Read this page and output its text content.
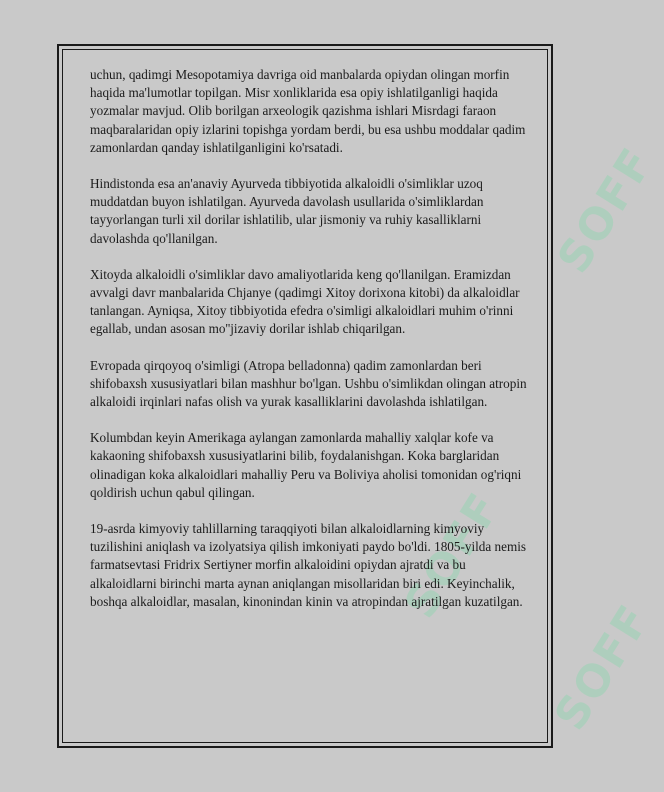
SOFF
SOFF
SOFF

uchun, qadimgi Mesopotamiya davriga oid manbalarda opiydan olingan morfin haqida ma'lumotlar topilgan. Misr xonliklarida esa opiy ishlatilganligi haqida yozmalar mavjud. Olib borilgan arxeologik qazishma ishlari Misrdagi faraon maqbaralaridan opiy izlarini topishga yordam berdi, bu esa ushbu moddalar qadim zamonlardan qanday ishlatilganligini ko'rsatadi.

Hindistonda esa an'anaviy Ayurveda tibbiyotida alkaloidli o'simliklar uzoq muddatdan buyon ishlatilgan. Ayurveda davolash usullarida o'simliklardan tayyorlangan turli xil dorilar ishlatilib, ular jismoniy va ruhiy kasalliklarni davolashda qo'llanilgan.

Xitoyda alkaloidli o'simliklar davo amaliyotlarida keng qo'llanilgan. Eramizdan avvalgi davr manbalarida Chjanye (qadimgi Xitoy dorixona kitobi) da alkaloidlar tanlangan. Ayniqsa, Xitoy tibbiyotida efedra o'simligi alkaloidlari muhim o'rinni egallab, undan asosan mo''jizaviy dorilar ishlab chiqarilgan.

Evropada qirqoyoq o'simligi (Atropa belladonna) qadim zamonlardan beri shifobaxsh xususiyatlari bilan mashhur bo'lgan. Ushbu o'simlikdan olingan atropin alkaloidi irqinlari nafas olish va yurak kasalliklarini davolashda ishlatilgan.

Kolumbdan keyin Amerikaga aylangan zamonlarda mahalliy xalqlar kofe va kakaoning shifobaxsh xususiyatlarini bilib, foydalanishgan. Koka barglaridan olinadigan koka alkaloidlari mahalliy Peru va Boliviya aholisi tomonidan og'riqni qoldirish uchun qabul qilingan.

19-asrda kimyoviy tahlillarning taraqqiyoti bilan alkaloidlarning kimyoviy tuzilishini aniqlash va izolyatsiya qilish imkoniyati paydo bo'ldi. 1805-yilda nemis farmatsevtasi Fridrix Sertiyner morfin alkaloidini opiydan ajratdi va bu alkaloidlarni birinchi marta aynan aniqlangan misollaridan biri edi. Keyinchalik, boshqa alkaloidlar, masalan, kinonindan kinin va atropindan ajratilgan kuzatilgan.
